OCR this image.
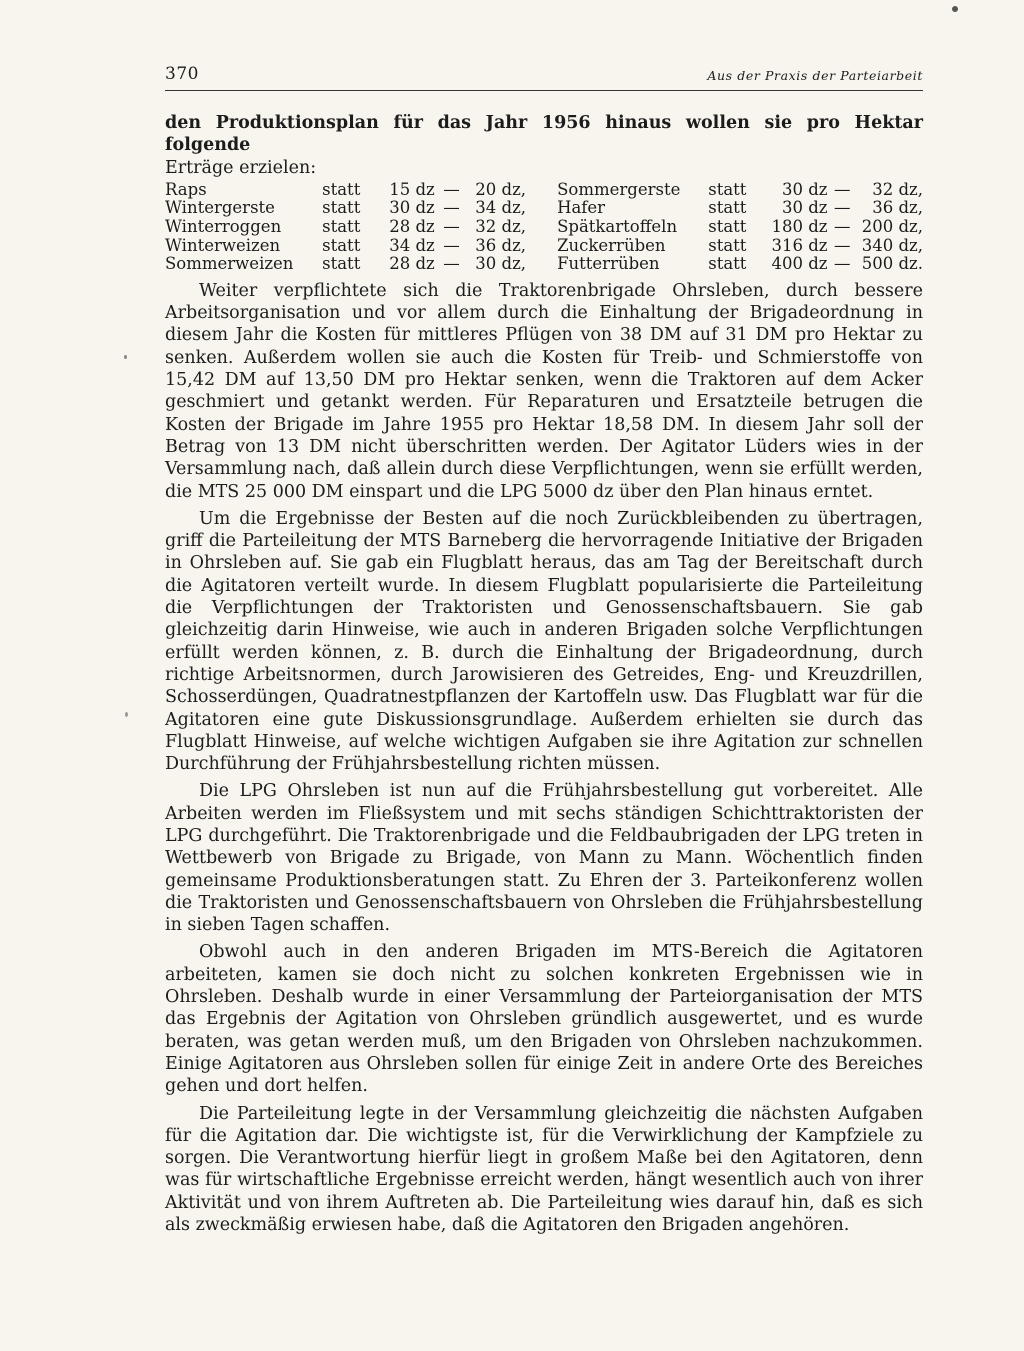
370	Aus der Praxis der Parteiarbeit
den Produktionsplan für das Jahr 1956 hinaus wollen sie pro Hektar folgende
Erträge erzielen:
Raps	statt	15 dz	—	20 dz,		Sommergerste	statt	30 dz	—	32 dz,
Wintergerste	statt	30 dz	—	34 dz,		Hafer	statt	30 dz	—	36 dz,
Winterroggen	statt	28 dz	—	32 dz,		Spätkartoffeln	statt	180 dz	—	200 dz,
Winterweizen	statt	34 dz	—	36 dz,		Zuckerrüben	statt	316 dz	—	340 dz,
Sommerweizen	statt	28 dz	—	30 dz,		Futterrüben	statt	400 dz	—	500 dz.

Weiter verpflichtete sich die Traktorenbrigade Ohrsleben, durch bessere Arbeitsorganisation und vor allem durch die Einhaltung der Brigadeordnung in diesem Jahr die Kosten für mittleres Pflügen von 38 DM auf 31 DM pro Hektar zu senken. Außerdem wollen sie auch die Kosten für Treib- und Schmierstoffe von 15,42 DM auf 13,50 DM pro Hektar senken, wenn die Traktoren auf dem Acker geschmiert und getankt werden. Für Reparaturen und Ersatzteile betrugen die Kosten der Brigade im Jahre 1955 pro Hektar 18,58 DM. In diesem Jahr soll der Betrag von 13 DM nicht überschritten werden. Der Agitator Lüders wies in der Versammlung nach, daß allein durch diese Verpflichtungen, wenn sie erfüllt werden, die MTS 25 000 DM einspart und die LPG 5000 dz über den Plan hinaus erntet.

Um die Ergebnisse der Besten auf die noch Zurückbleibenden zu übertragen, griff die Parteileitung der MTS Barneberg die hervorragende Initiative der Brigaden in Ohrsleben auf. Sie gab ein Flugblatt heraus, das am Tag der Bereitschaft durch die Agitatoren verteilt wurde. In diesem Flugblatt popularisierte die Parteileitung die Verpflichtungen der Traktoristen und Genossenschaftsbauern. Sie gab gleichzeitig darin Hinweise, wie auch in anderen Brigaden solche Verpflichtungen erfüllt werden können, z. B. durch die Einhaltung der Brigadeordnung, durch richtige Arbeitsnormen, durch Jarowisieren des Getreides, Eng- und Kreuzdrillen, Schosserdüngen, Quadratnestpflanzen der Kartoffeln usw. Das Flugblatt war für die Agitatoren eine gute Diskussionsgrundlage. Außerdem erhielten sie durch das Flugblatt Hinweise, auf welche wichtigen Aufgaben sie ihre Agitation zur schnellen Durchführung der Frühjahrsbestellung richten müssen.

Die LPG Ohrsleben ist nun auf die Frühjahrsbestellung gut vorbereitet. Alle Arbeiten werden im Fließsystem und mit sechs ständigen Schichttraktoristen der LPG durchgeführt. Die Traktorenbrigade und die Feldbaubrigaden der LPG treten in Wettbewerb von Brigade zu Brigade, von Mann zu Mann. Wöchentlich finden gemeinsame Produktionsberatungen statt. Zu Ehren der 3. Parteikonferenz wollen die Traktoristen und Genossenschaftsbauern von Ohrsleben die Frühjahrsbestellung in sieben Tagen schaffen.

Obwohl auch in den anderen Brigaden im MTS-Bereich die Agitatoren arbeiteten, kamen sie doch nicht zu solchen konkreten Ergebnissen wie in Ohrsleben. Deshalb wurde in einer Versammlung der Parteiorganisation der MTS das Ergebnis der Agitation von Ohrsleben gründlich ausgewertet, und es wurde beraten, was getan werden muß, um den Brigaden von Ohrsleben nachzukommen. Einige Agitatoren aus Ohrsleben sollen für einige Zeit in andere Orte des Bereiches gehen und dort helfen.

Die Parteileitung legte in der Versammlung gleichzeitig die nächsten Aufgaben für die Agitation dar. Die wichtigste ist, für die Verwirklichung der Kampfziele zu sorgen. Die Verantwortung hierfür liegt in großem Maße bei den Agitatoren, denn was für wirtschaftliche Ergebnisse erreicht werden, hängt wesentlich auch von ihrer Aktivität und von ihrem Auftreten ab. Die Parteileitung wies darauf hin, daß es sich als zweckmäßig erwiesen habe, daß die Agitatoren den Brigaden angehören.
